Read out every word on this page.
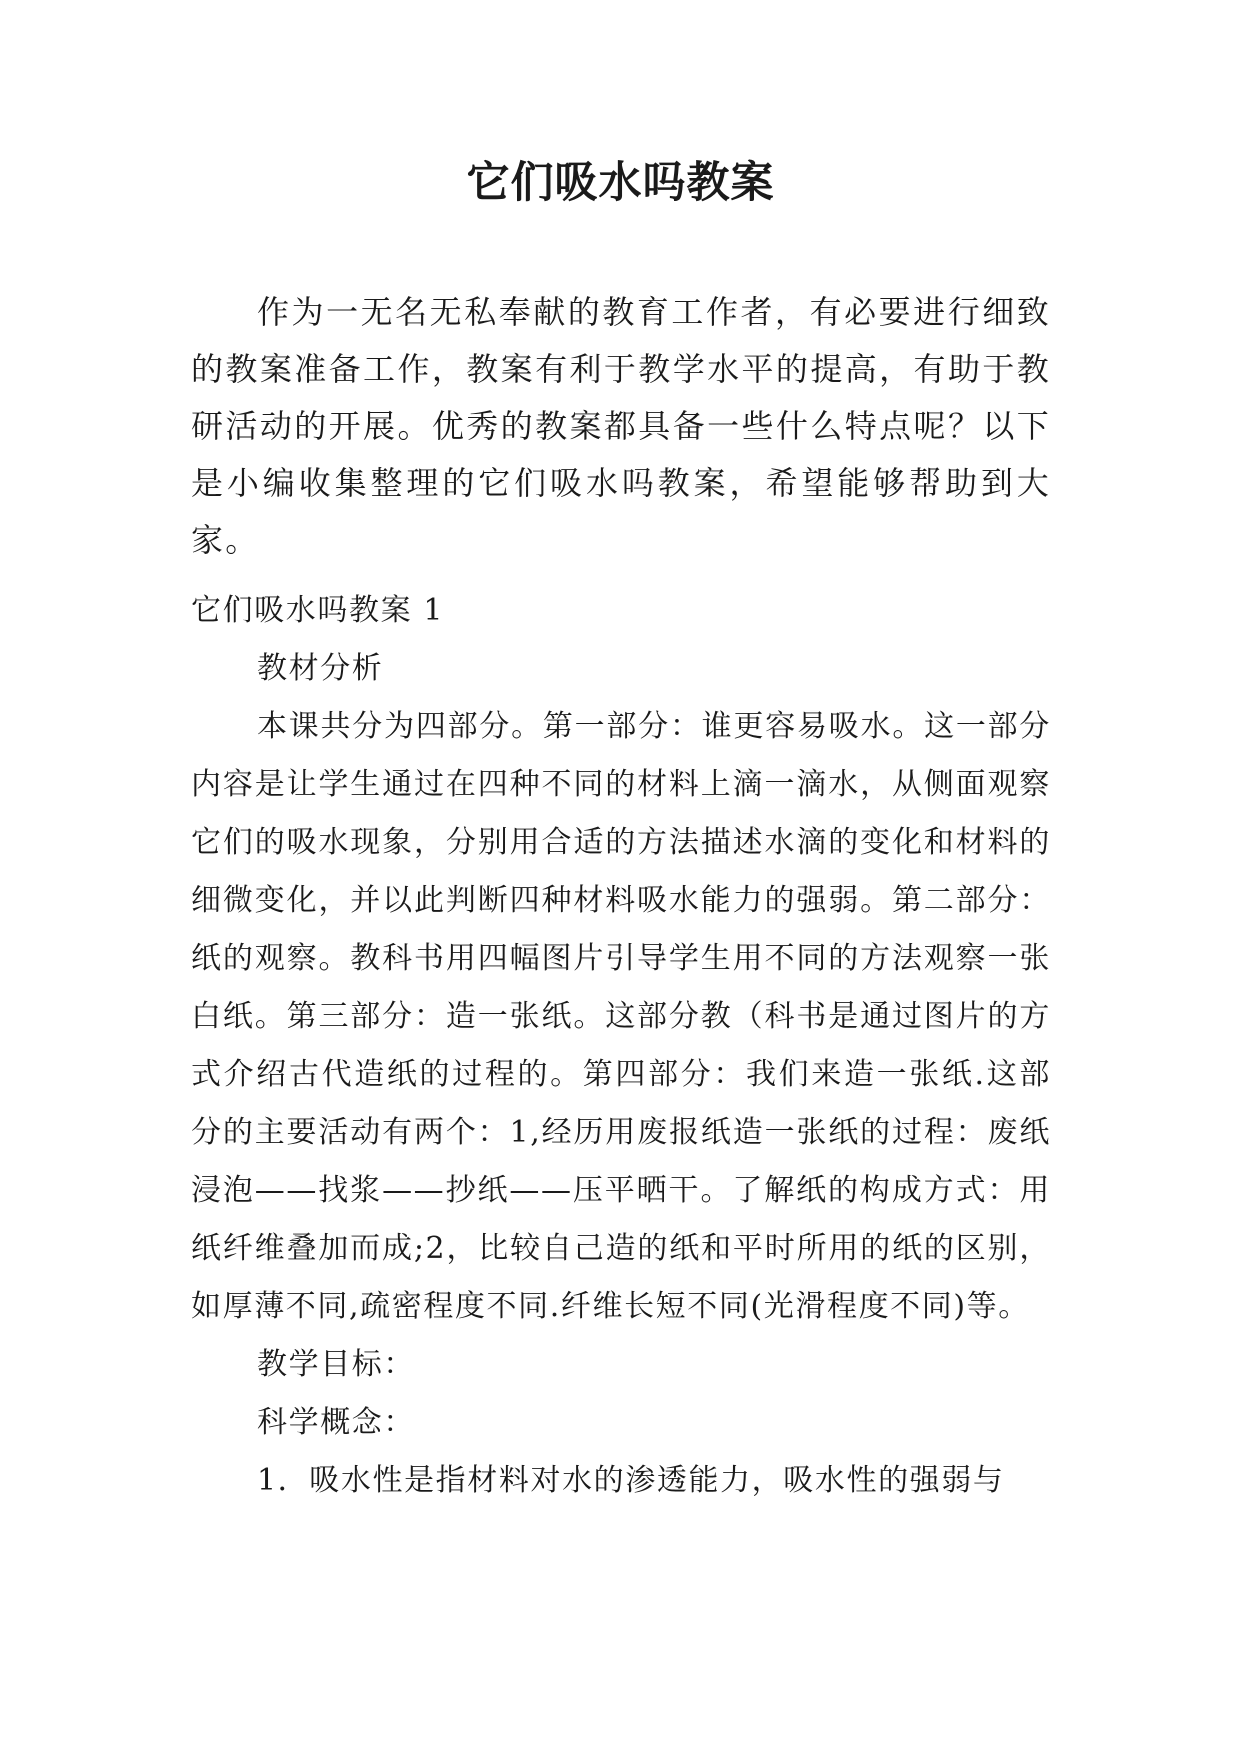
它们吸水吗教案

作为一无名无私奉献的教育工作者，有必要进行细致的教案准备工作，教案有利于教学水平的提高，有助于教研活动的开展。优秀的教案都具备一些什么特点呢？以下是小编收集整理的它们吸水吗教案，希望能够帮助到大家。

它们吸水吗教案 1

教材分析

本课共分为四部分。第一部分：谁更容易吸水。这一部分内容是让学生通过在四种不同的材料上滴一滴水，从侧面观察它们的吸水现象，分别用合适的方法描述水滴的变化和材料的细微变化，并以此判断四种材料吸水能力的强弱。第二部分：纸的观察。教科书用四幅图片引导学生用不同的方法观察一张白纸。第三部分：造一张纸。这部分教（科书是通过图片的方式介绍古代造纸的过程的。第四部分：我们来造一张纸.这部分的主要活动有两个：1,经历用废报纸造一张纸的过程：废纸浸泡——找浆——抄纸——压平晒干。了解纸的构成方式：用纸纤维叠加而成;2，比较自己造的纸和平时所用的纸的区别，如厚薄不同,疏密程度不同.纤维长短不同(光滑程度不同)等。

教学目标：

科学概念：

1．吸水性是指材料对水的渗透能力，吸水性的强弱与
